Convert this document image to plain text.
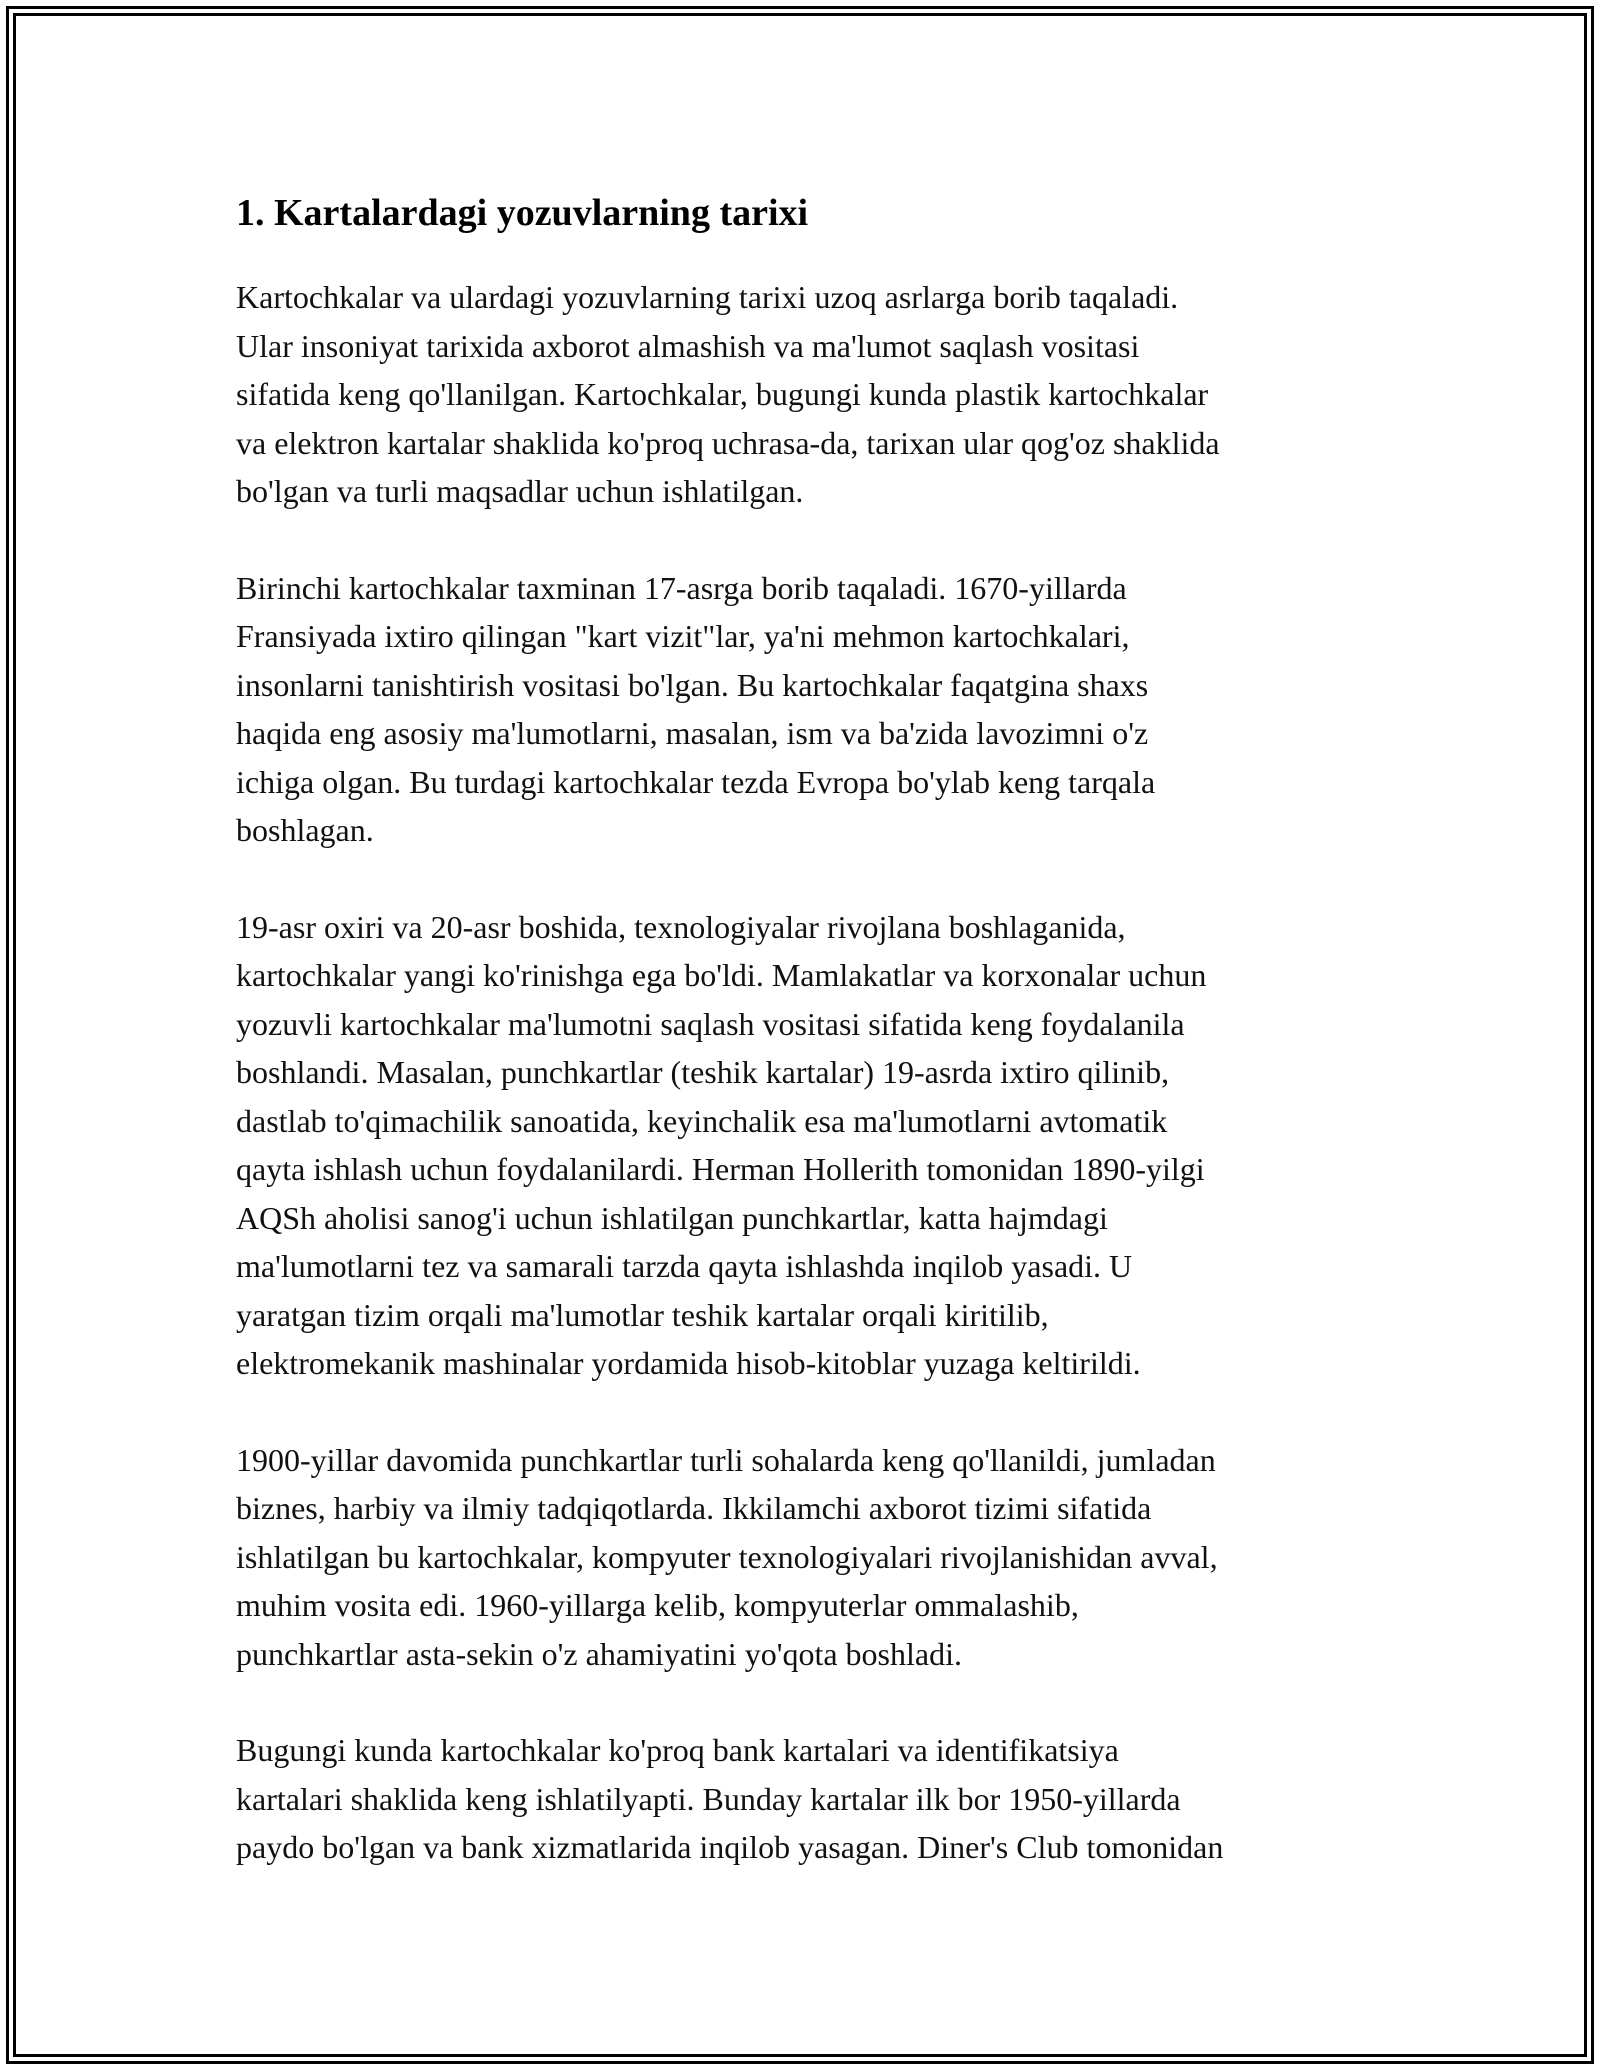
1. Kartalardagi yozuvlarning tarixi

Kartochkalar va ulardagi yozuvlarning tarixi uzoq asrlarga borib taqaladi.
Ular insoniyat tarixida axborot almashish va ma'lumot saqlash vositasi
sifatida keng qo'llanilgan. Kartochkalar, bugungi kunda plastik kartochkalar
va elektron kartalar shaklida ko'proq uchrasa-da, tarixan ular qog'oz shaklida
bo'lgan va turli maqsadlar uchun ishlatilgan.

Birinchi kartochkalar taxminan 17-asrga borib taqaladi. 1670-yillarda
Fransiyada ixtiro qilingan "kart vizit"lar, ya'ni mehmon kartochkalari,
insonlarni tanishtirish vositasi bo'lgan. Bu kartochkalar faqatgina shaxs
haqida eng asosiy ma'lumotlarni, masalan, ism va ba'zida lavozimni o'z
ichiga olgan. Bu turdagi kartochkalar tezda Evropa bo'ylab keng tarqala
boshlagan.

19-asr oxiri va 20-asr boshida, texnologiyalar rivojlana boshlaganida,
kartochkalar yangi ko'rinishga ega bo'ldi. Mamlakatlar va korxonalar uchun
yozuvli kartochkalar ma'lumotni saqlash vositasi sifatida keng foydalanila
boshlandi. Masalan, punchkartlar (teshik kartalar) 19-asrda ixtiro qilinib,
dastlab to'qimachilik sanoatida, keyinchalik esa ma'lumotlarni avtomatik
qayta ishlash uchun foydalanilardi. Herman Hollerith tomonidan 1890-yilgi
AQSh aholisi sanog'i uchun ishlatilgan punchkartlar, katta hajmdagi
ma'lumotlarni tez va samarali tarzda qayta ishlashda inqilob yasadi. U
yaratgan tizim orqali ma'lumotlar teshik kartalar orqali kiritilib,
elektromekanik mashinalar yordamida hisob-kitoblar yuzaga keltirildi.

1900-yillar davomida punchkartlar turli sohalarda keng qo'llanildi, jumladan
biznes, harbiy va ilmiy tadqiqotlarda. Ikkilamchi axborot tizimi sifatida
ishlatilgan bu kartochkalar, kompyuter texnologiyalari rivojlanishidan avval,
muhim vosita edi. 1960-yillarga kelib, kompyuterlar ommalashib,
punchkartlar asta-sekin o'z ahamiyatini yo'qota boshladi.

Bugungi kunda kartochkalar ko'proq bank kartalari va identifikatsiya
kartalari shaklida keng ishlatilyapti. Bunday kartalar ilk bor 1950-yillarda
paydo bo'lgan va bank xizmatlarida inqilob yasagan. Diner's Club tomonidan
